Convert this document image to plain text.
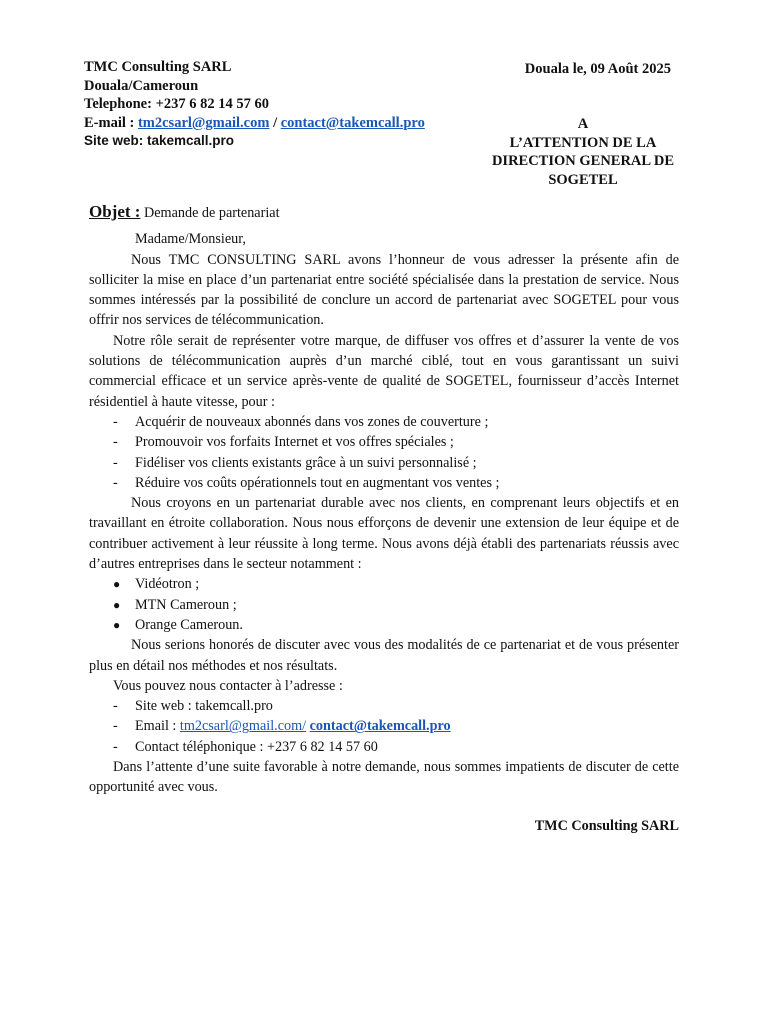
TMC Consulting SARL
Douala/Cameroun
Telephone: +237 6 82 14 57 60
E-mail : tm2csarl@gmail.com / contact@takemcall.pro
Site web: takemcall.pro
Douala le, 09 Août 2025
A
L’ATTENTION DE LA
DIRECTION GENERAL DE
SOGETEL
Objet : Demande de partenariat

Madame/Monsieur,

Nous TMC CONSULTING SARL avons l’honneur de vous adresser la présente afin de solliciter la mise en place d’un partenariat entre société spécialisée dans la prestation de service. Nous sommes intéressés par la possibilité de conclure un accord de partenariat avec SOGETEL pour vous offrir nos services de télécommunication.

Notre rôle serait de représenter votre marque, de diffuser vos offres et d’assurer la vente de vos solutions de télécommunication auprès d’un marché ciblé, tout en vous garantissant un suivi commercial efficace et un service après-vente de qualité de SOGETEL, fournisseur d’accès Internet résidentiel à haute vitesse, pour :

- Acquérir de nouveaux abonnés dans vos zones de couverture ;
- Promouvoir vos forfaits Internet et vos offres spéciales ;
- Fidéliser vos clients existants grâce à un suivi personnalisé ;
- Réduire vos coûts opérationnels tout en augmentant vos ventes ;

Nous croyons en un partenariat durable avec nos clients, en comprenant leurs objectifs et en travaillant en étroite collaboration. Nous nous efforçons de devenir une extension de leur équipe et de contribuer activement à leur réussite à long terme. Nous avons déjà établi des partenariats réussis avec d’autres entreprises dans le secteur notamment :

● Vidéotron ;
● MTN Cameroun ;
● Orange Cameroun.

Nous serions honorés de discuter avec vous des modalités de ce partenariat et de vous présenter plus en détail nos méthodes et nos résultats.

Vous pouvez nous contacter à l’adresse :

- Site web : takemcall.pro
- Email : tm2csarl@gmail.com/ contact@takemcall.pro
- Contact téléphonique : +237 6 82 14 57 60

Dans l’attente d’une suite favorable à notre demande, nous sommes impatients de discuter de cette opportunité avec vous.

TMC Consulting SARL
